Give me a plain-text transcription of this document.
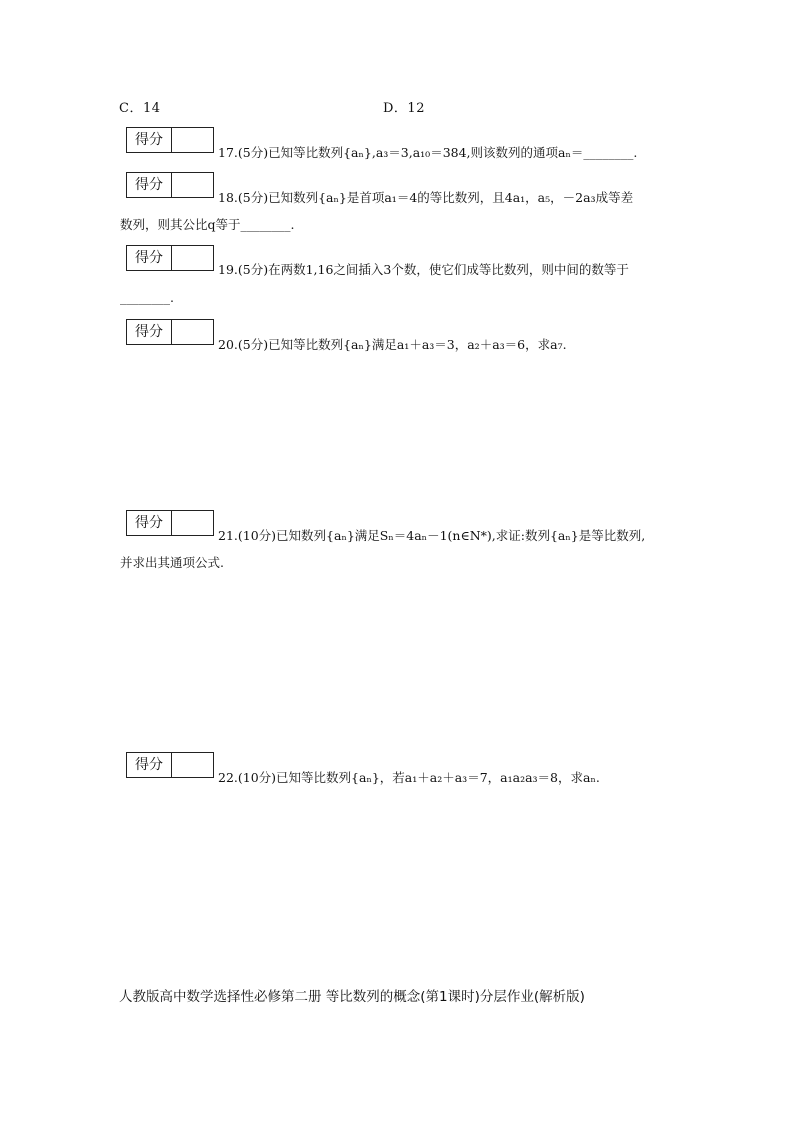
C．14	D．12
得分
17.(5分)已知等比数列{aₙ},a₃＝3,a₁₀＝384,则该数列的通项aₙ＝________.
得分
18.(5分)已知数列{aₙ}是首项a₁＝4的等比数列，且4a₁，a₅，－2a₃成等差
数列，则其公比q等于________.
得分
19.(5分)在两数1,16之间插入3个数，使它们成等比数列，则中间的数等于
________.
得分
20.(5分)已知等比数列{aₙ}满足a₁＋a₃＝3，a₂＋a₃＝6，求a₇.
得分
21.(10分)已知数列{aₙ}满足Sₙ＝4aₙ－1(n∈N*),求证:数列{aₙ}是等比数列,
并求出其通项公式.
得分
22.(10分)已知等比数列{aₙ}，若a₁＋a₂＋a₃＝7，a₁a₂a₃＝8，求aₙ.
人教版高中数学选择性必修第二册 等比数列的概念(第1课时)分层作业(解析版)
